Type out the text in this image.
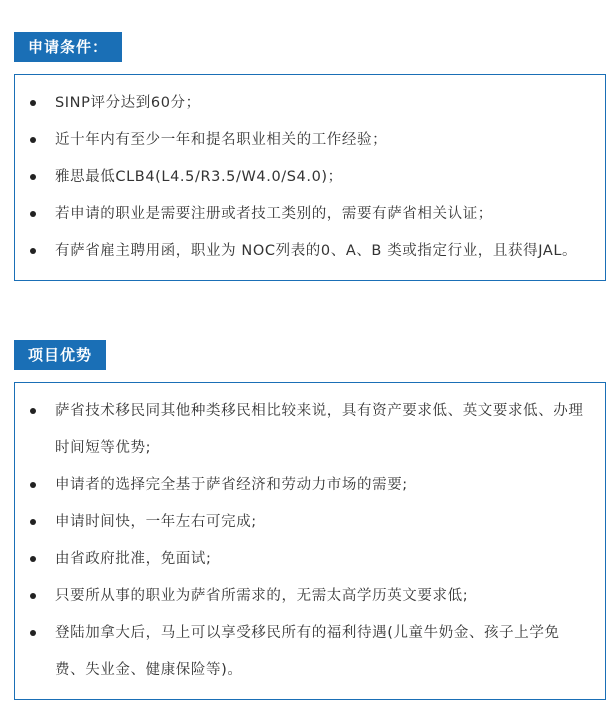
申请条件：
SINP评分达到60分；
近十年内有至少一年和提名职业相关的工作经验；
雅思最低CLB4(L4.5/R3.5/W4.0/S4.0)；
若申请的职业是需要注册或者技工类别的，需要有萨省相关认证；
有萨省雇主聘用函，职业为 NOC列表的0、A、B 类或指定行业，且获得JAL。
项目优势
萨省技术移民同其他种类移民相比较来说，具有资产要求低、英文要求低、办理时间短等优势;
申请者的选择完全基于萨省经济和劳动力市场的需要;
申请时间快，一年左右可完成;
由省政府批准，免面试;
只要所从事的职业为萨省所需求的，无需太高学历英文要求低;
登陆加拿大后，马上可以享受移民所有的福利待遇(儿童牛奶金、孩子上学免费、失业金、健康保险等)。
